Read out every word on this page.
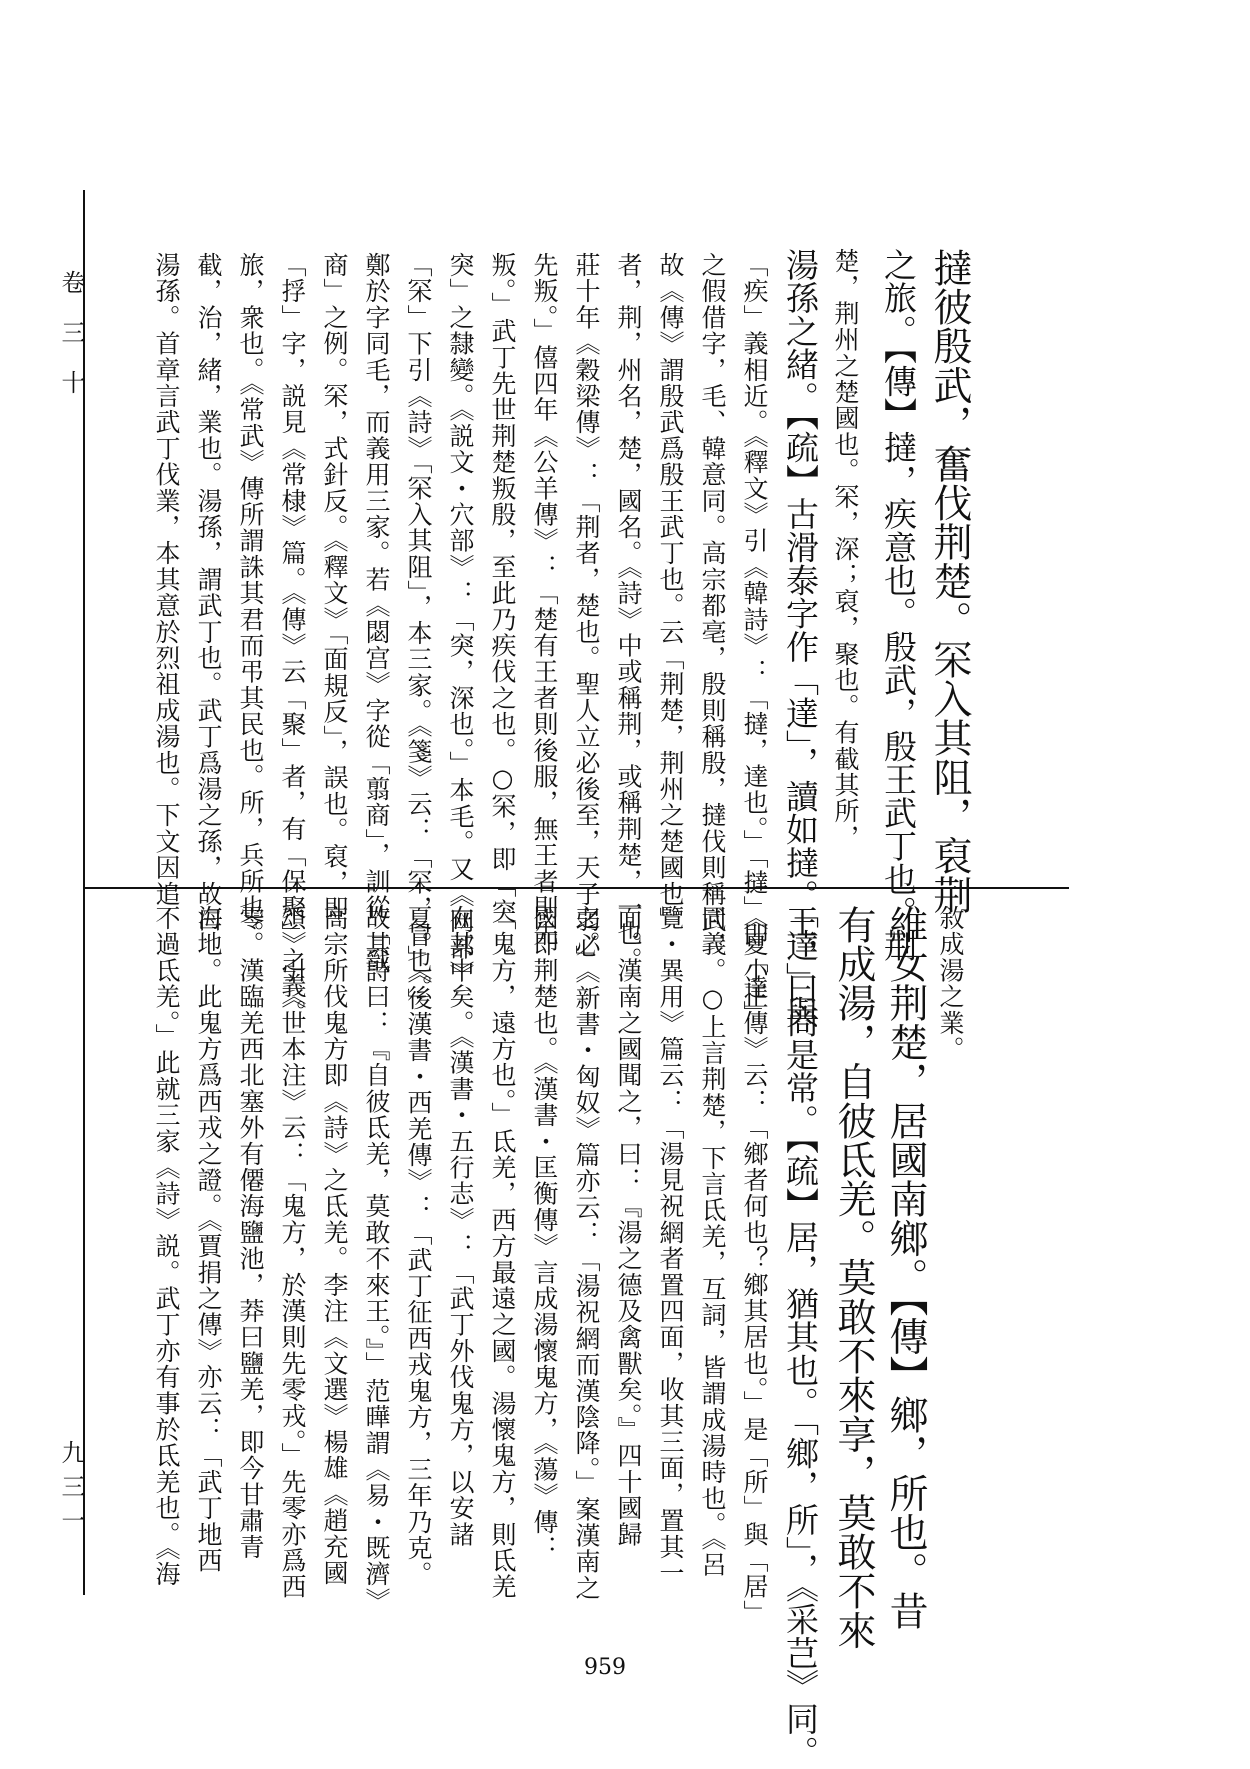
卷三十
九三一
撻彼殷武，奮伐荆楚。罙入其阻，裒荆
之旅。【傳】撻，疾意也。殷武，殷王武丁也。荆
楚，荆州之楚國也。罙，深；裒，聚也。有截其所，
湯孫之緒。【疏】古滑泰字作「達」，讀如撻。「達」與
「疾」義相近。《釋文》引《韓詩》：「撻，達也。」「撻」即「達」
之假借字，毛、韓意同。高宗都亳，殷則稱殷，撻伐則稱武，
故《傳》謂殷武爲殷王武丁也。云「荆楚，荆州之楚國也」
者，荆，州名，楚，國名。《詩》中或稱荆，或稱荆楚，一也。
莊十年《穀梁傳》：「荆者，楚也。聖人立必後至，天子弱必
先叛。」僖四年《公羊傳》：「楚有王者則後服，無王者則先
叛。」武丁先世荆楚叛殷，至此乃疾伐之也。○罙，即「突
突」之隸變。《説文・穴部》：「突，深也。」本毛。又《网部》
「罙」下引《詩》「罙入其阻」，本三家。《箋》云：「罙，冒也。」
鄭於字同毛，而義用三家。若《閟宫》字從「翦商」，訓從「戩
商」之例。罙，式針反。《釋文》「面規反」，誤也。裒，即
「捊」字，説見《常棣》篇。《傳》云「聚」者，有「保聚」之義。
旅，衆也。《常武》傳所謂誅其君而弔其民也。所，兵所也。
截，治，緒，業也。湯孫，謂武丁也。武丁爲湯之孫，故曰
湯孫。首章言武丁伐業，本其意於烈祖成湯也。下文因追
敘成湯之業。
維女荆楚，居國南鄉。【傳】鄉，所也。昔
有成湯，自彼氐羌。莫敢不來享，莫敢不來
王，曰商是常。【疏】居，猶其也。「鄉，所」，《采芑》同。
《夏小正傳》云：「鄉者何也？鄉其居也。」是「所」與「居」
同義。○上言荆楚，下言氐羌，互詞，皆謂成湯時也。《呂
覽・異用》篇云：「湯見祝網者置四面，收其三面，置其一
面。漢南之國聞之，曰：『湯之德及禽獸矣。』四十國歸
之。」《新書・匈奴》篇亦云：「湯祝網而漢陰降。」案漢南之
國即荆楚也。《漢書・匡衡傳》言成湯懷鬼方，《蕩》傳：
「鬼方，遠方也。」氐羌，西方最遠之國。湯懷鬼方，則氐羌
在其中矣。《漢書・五行志》：「武丁外伐鬼方，以安諸
夏。」《後漢書・西羌傳》：「武丁征西戎鬼方，三年乃克。
故其詩曰：『自彼氐羌，莫敢不來王。』」范曄謂《易・既濟》
高宗所伐鬼方即《詩》之氐羌。李注《文選》楊雄《趙充國
頌》引《世本注》云：「鬼方，於漢則先零戎。」先零亦爲西
零。漢臨羌西北塞外有僊海鹽池，莽曰鹽羌，即今甘肅青
海地。此鬼方爲西戎之證。《賈捐之傳》亦云：「武丁地西
不過氐羌。」此就三家《詩》説。武丁亦有事於氐羌也。《海
959
